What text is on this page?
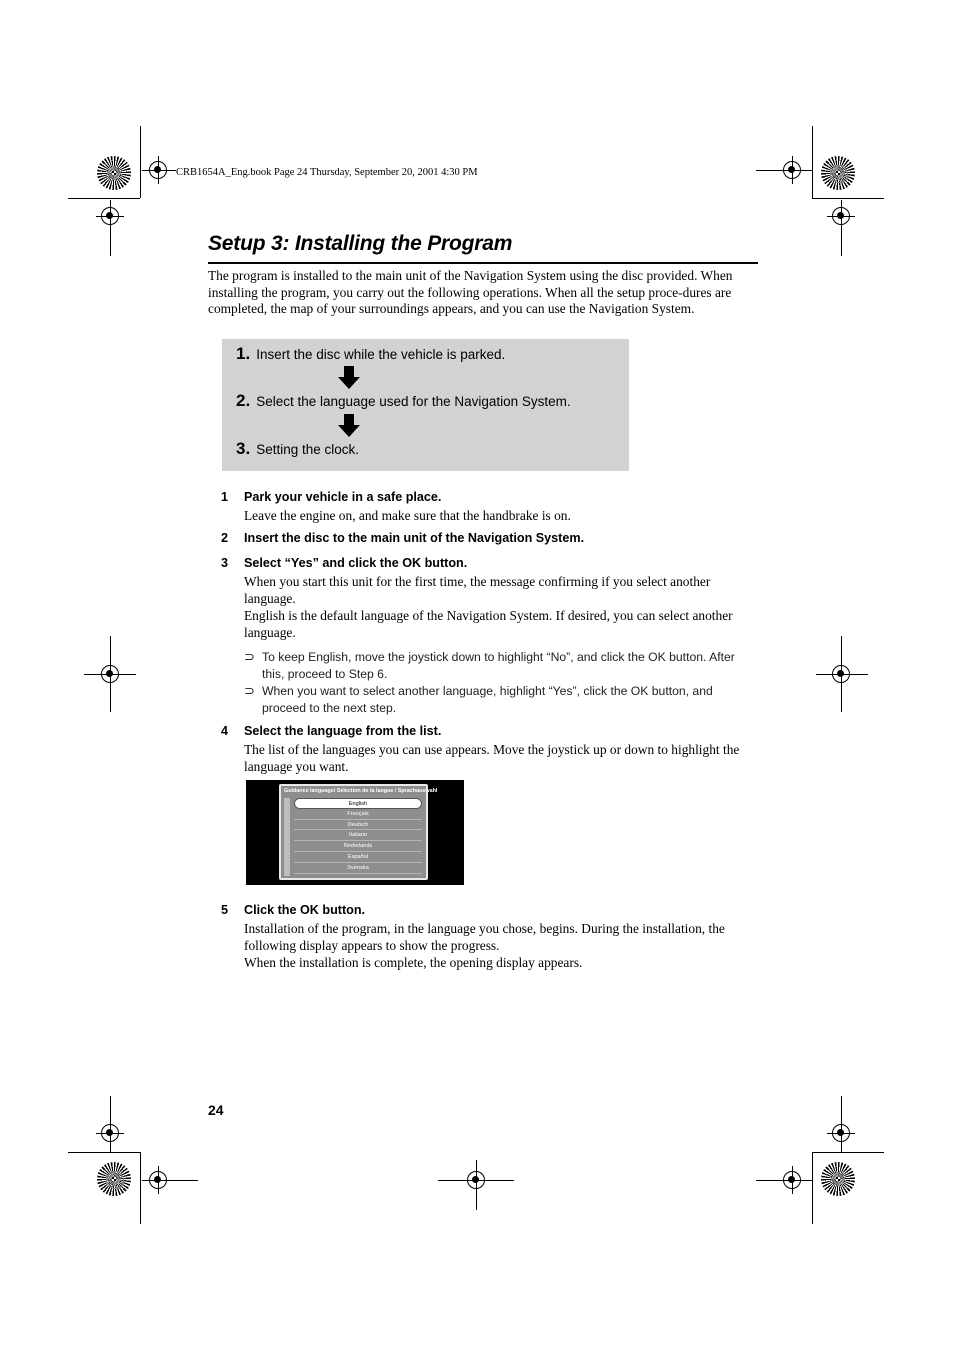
CRB1654A_Eng.book Page 24 Thursday, September 20, 2001 4:30 PM
Setup 3: Installing the Program
The program is installed to the main unit of the Navigation System using the disc provided. When installing the program, you carry out the following operations. When all the setup proce-dures are completed, the map of your surroundings appears, and you can use the Navigation System.
1. Insert the disc while the vehicle is parked.
2. Select the language used for the Navigation System.
3. Setting the clock.
1 Park your vehicle in a safe place.
Leave the engine on, and make sure that the handbrake is on.
2 Insert the disc to the main unit of the Navigation System.
3 Select “Yes” and click the OK button.
When you start this unit for the first time, the message confirming if you select another language.
English is the default language of the Navigation System. If desired, you can select another language.
⊃ To keep English, move the joystick down to highlight “No”, and click the OK button. After this, proceed to Step 6.
⊃ When you want to select another language, highlight “Yes”, click the OK button, and proceed to the next step.
4 Select the language from the list.
The list of the languages you can use appears. Move the joystick up or down to highlight the language you want.
Guidance language/ Sélection de la langue / Sprachauswahl
English
Français
Deutsch
Italiano
Nederlands
Español
Svenska
5 Click the OK button.
Installation of the program, in the language you chose, begins. During the installation, the following display appears to show the progress.
When the installation is complete, the opening display appears.
24
